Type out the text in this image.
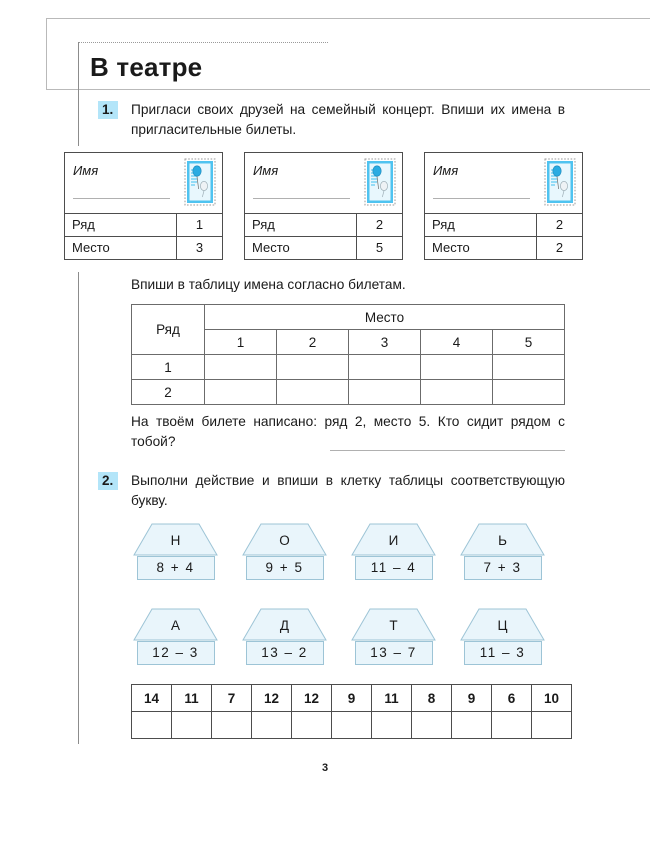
В театре
1.	Пригласи своих друзей на семейный концерт. Впиши их имена в пригласительные билеты.
Имя
Ряд	1
Место	3
Имя
Ряд	2
Место	5
Имя
Ряд	2
Место	2
Впиши в таблицу имена согласно билетам.
Ряд	Место				
	1	2	3	4	5
1					
2					
На твоём билете написано: ряд 2, место 5. Кто сидит рядом с тобой?
2.	Выполни действие и впиши в клетку таблицы соответствующую букву.
Н
8 + 4
О
9 + 5
И
11 – 4
Ь
7 + 3
А
12 – 3
Д
13 – 2
Т
13 – 7
Ц
11 – 3
14	11	7	12	12	9	11	8	9	6	10

3
